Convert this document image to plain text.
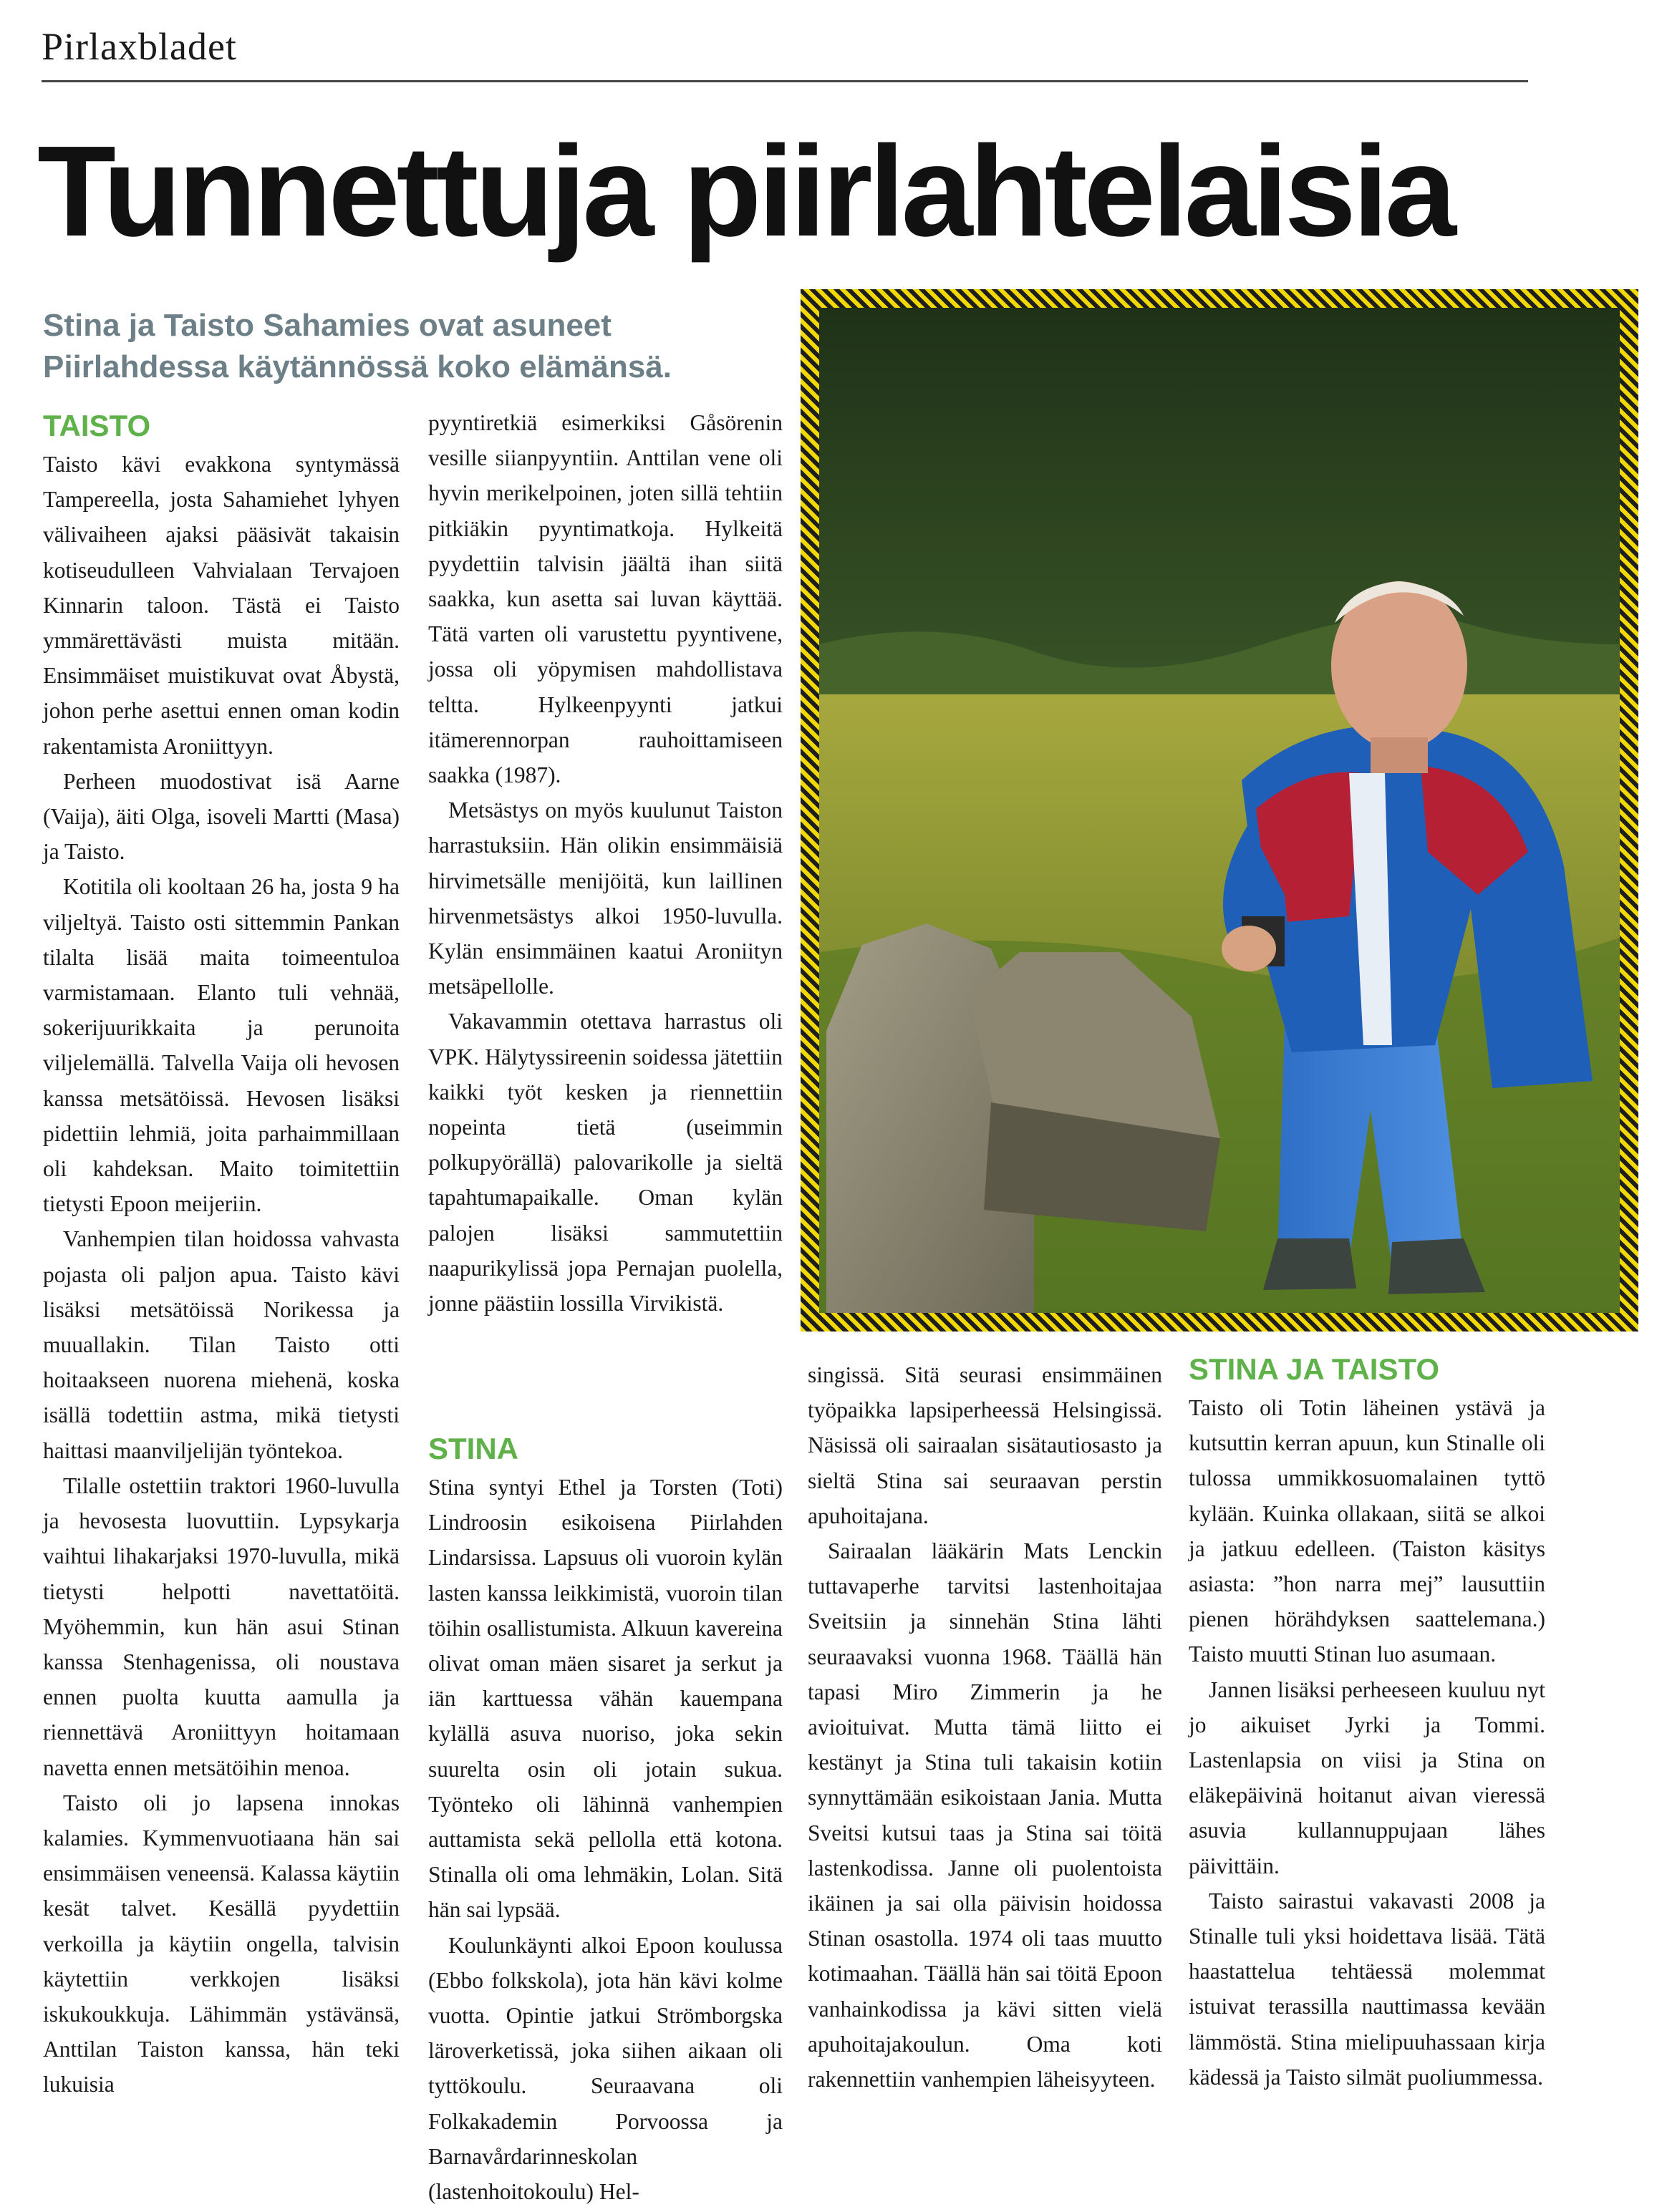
Pirlaxbladet
Tunnettuja piirlahtelaisia

Stina ja Taisto Sahamies ovat asuneet Piirlahdessa käytännössä koko elämänsä.

TAISTO

Taisto kävi evakkona syntymässä Tampereella, josta Sahamiehet lyhyen välivaiheen ajaksi pääsivät takaisin kotiseudulleen Vahvialaan Tervajoen Kinnarin taloon. Tästä ei Taisto ymmärettävästi muista mitään. Ensimmäiset muistikuvat ovat Åbystä, johon perhe asettui ennen oman kodin rakentamista Aroniittyyn.

Perheen muodostivat isä Aarne (Vaija), äiti Olga, isoveli Martti (Masa) ja Taisto.

Kotitila oli kooltaan 26 ha, josta 9 ha viljeltyä. Taisto osti sittemmin Pankan tilalta lisää maita toimeentuloa varmistamaan. Elanto tuli vehnää, sokerijuurikkaita ja perunoita viljelemällä. Talvella Vaija oli hevosen kanssa metsätöissä. Hevosen lisäksi pidettiin lehmiä, joita parhaimmillaan oli kahdeksan. Maito toimitettiin tietysti Epoon meijeriin.

Vanhempien tilan hoidossa vahvasta pojasta oli paljon apua. Taisto kävi lisäksi metsätöissä Norikessa ja muuallakin. Tilan Taisto otti hoitaakseen nuorena miehenä, koska isällä todettiin astma, mikä tietysti haittasi maanviljelijän työntekoa.

Tilalle ostettiin traktori 1960-luvulla ja hevosesta luovuttiin. Lypsykarja vaihtui lihakarjaksi 1970-luvulla, mikä tietysti helpotti navettatöitä. Myöhemmin, kun hän asui Stinan kanssa Stenhagenissa, oli noustava ennen puolta kuutta aamulla ja riennettävä Aroniittyyn hoitamaan navetta ennen metsätöihin menoa.

Taisto oli jo lapsena innokas kalamies. Kymmenvuotiaana hän sai ensimmäisen veneensä. Kalassa käytiin kesät talvet. Kesällä pyydettiin verkoilla ja käytiin ongella, talvisin käytettiin verkkojen lisäksi iskukoukkuja. Lähimmän ystävänsä, Anttilan Taiston kanssa, hän teki lukuisia

pyyntiretkiä esimerkiksi Gåsörenin vesille siianpyyntiin. Anttilan vene oli hyvin merikelpoinen, joten sillä tehtiin pitkiäkin pyyntimatkoja. Hylkeitä pyydettiin talvisin jäältä ihan siitä saakka, kun asetta sai luvan käyttää. Tätä varten oli varustettu pyyntivene, jossa oli yöpymisen mahdollistava teltta. Hylkeenpyynti jatkui itämerennorpan rauhoittamiseen saakka (1987).

Metsästys on myös kuulunut Taiston harrastuksiin. Hän olikin ensimmäisiä hirvimetsälle menijöitä, kun laillinen hirvenmetsästys alkoi 1950-luvulla. Kylän ensimmäinen kaatui Aroniityn metsäpellolle.

Vakavammin otettava harrastus oli VPK. Hälytyssireenin soidessa jätettiin kaikki työt kesken ja riennettiin nopeinta tietä (useimmin polkupyörällä) palovarikolle ja sieltä tapahtumapaikalle. Oman kylän palojen lisäksi sammutettiin naapurikylissä jopa Pernajan puolella, jonne päästiin lossilla Virvikistä.

STINA

Stina syntyi Ethel ja Torsten (Toti) Lindroosin esikoisena Piirlahden Lindarsissa. Lapsuus oli vuoroin kylän lasten kanssa leikkimistä, vuoroin tilan töihin osallistumista. Alkuun kavereina olivat oman mäen sisaret ja serkut ja iän karttuessa vähän kauempana kylällä asuva nuoriso, joka sekin suurelta osin oli jotain sukua. Työnteko oli lähinnä vanhempien auttamista sekä pellolla että kotona. Stinalla oli oma lehmäkin, Lolan. Sitä hän sai lypsää.

Koulunkäynti alkoi Epoon koulussa (Ebbo folkskola), jota hän kävi kolme vuotta. Opintie jatkui Strömborgska läroverketissä, joka siihen aikaan oli tyttökoulu. Seuraavana oli Folkakademin Porvoossa ja Barnavårdarinneskolan (lastenhoitokoulu) Hel-

singissä. Sitä seurasi ensimmäinen työpaikka lapsiperheessä Helsingissä. Näsissä oli sairaalan sisätautiosasto ja sieltä Stina sai seuraavan perstin apuhoitajana.

Sairaalan lääkärin Mats Lenckin tuttavaperhe tarvitsi lastenhoitajaa Sveitsiin ja sinnehän Stina lähti seuraavaksi vuonna 1968. Täällä hän tapasi Miro Zimmerin ja he avioituivat. Mutta tämä liitto ei kestänyt ja Stina tuli takaisin kotiin synnyttämään esikoistaan Jania. Mutta Sveitsi kutsui taas ja Stina sai töitä lastenkodissa. Janne oli puolentoista ikäinen ja sai olla päivisin hoidossa Stinan osastolla. 1974 oli taas muutto kotimaahan. Täällä hän sai töitä Epoon vanhainkodissa ja kävi sitten vielä apuhoitajakoulun. Oma koti rakennettiin vanhempien läheisyyteen.

STINA JA TAISTO

Taisto oli Totin läheinen ystävä ja kutsuttin kerran apuun, kun Stinalle oli tulossa ummikkosuomalainen tyttö kylään. Kuinka ollakaan, siitä se alkoi ja jatkuu edelleen. (Taiston käsitys asiasta: ”hon narra mej” lausuttiin pienen hörähdyksen saattelemana.) Taisto muutti Stinan luo asumaan.

Jannen lisäksi perheeseen kuuluu nyt jo aikuiset Jyrki ja Tommi. Lastenlapsia on viisi ja Stina on eläkepäivinä hoitanut aivan vieressä asuvia kullannuppujaan lähes päivittäin.

Taisto sairastui vakavasti 2008 ja Stinalle tuli yksi hoidettava lisää. Tätä haastattelua tehtäessä molemmat istuivat terassilla nauttimassa kevään lämmöstä. Stina mielipuuhassaan kirja kädessä ja Taisto silmät puoliummessa.
